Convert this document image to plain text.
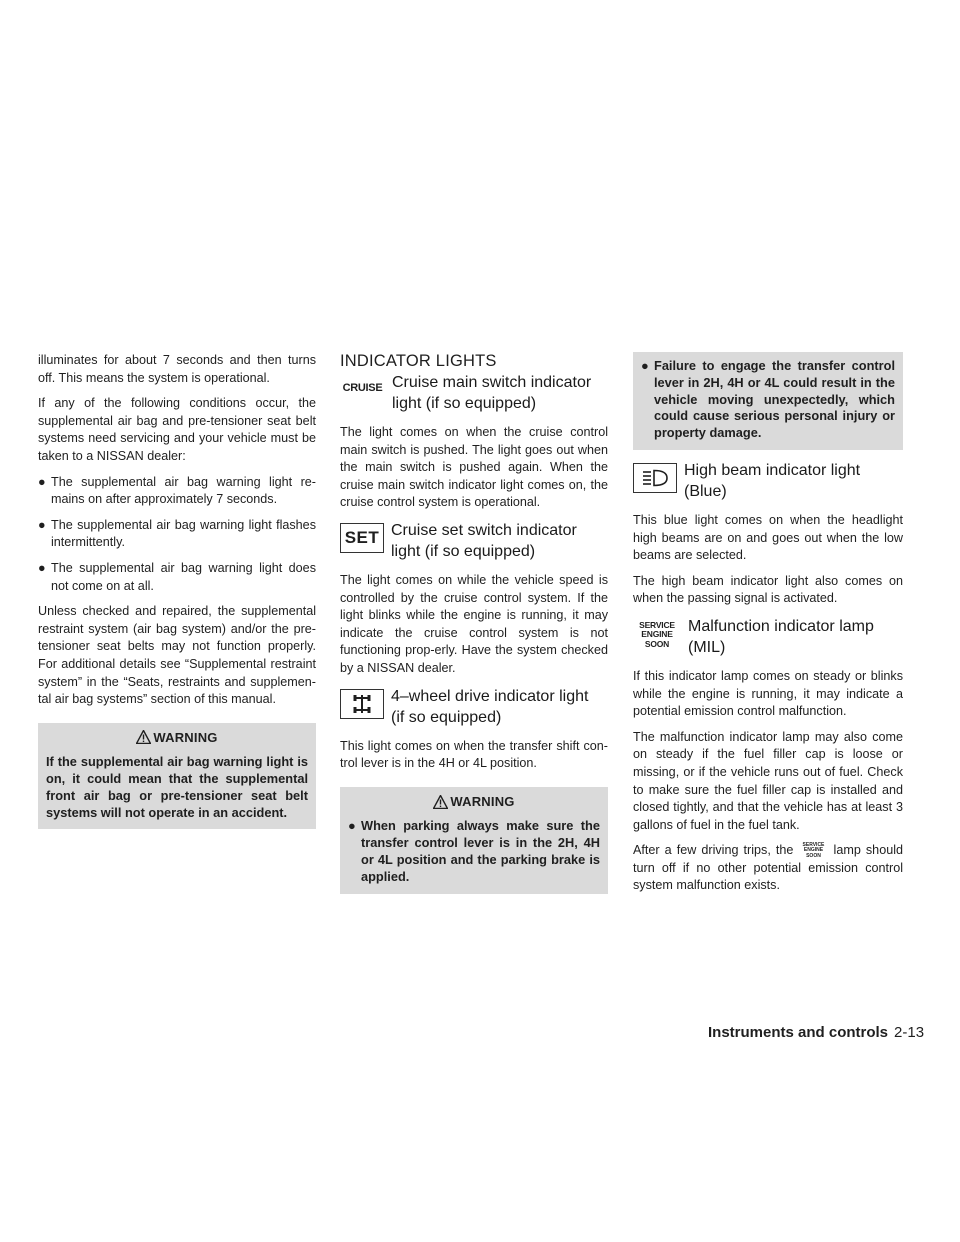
illuminates for about 7 seconds and then turns off. This means the system is operational.

If any of the following conditions occur, the supplemental air bag and pre-tensioner seat belt systems need servicing and your vehicle must be taken to a NISSAN dealer:

● The supplemental air bag warning light re-mains on after approximately 7 seconds.
● The supplemental air bag warning light flashes intermittently.
● The supplemental air bag warning light does not come on at all.

Unless checked and repaired, the supplemental restraint system (air bag system) and/or the pre-tensioner seat belts may not function properly. For additional details see “Supplemental restraint system” in the “Seats, restraints and supplemen-tal air bag systems” section of this manual.

WARNING

If the supplemental air bag warning light is on, it could mean that the supplemental front air bag or pre-tensioner seat belt systems will not operate in an accident.

INDICATOR LIGHTS
CRUISE Cruise main switch indicator light (if so equipped)

The light comes on when the cruise control main switch is pushed. The light goes out when the main switch is pushed again. When the cruise main switch indicator light comes on, the cruise control system is operational.

SET Cruise set switch indicator light (if so equipped)

The light comes on while the vehicle speed is controlled by the cruise control system. If the light blinks while the engine is running, it may indicate the cruise control system is not functioning prop-erly. Have the system checked by a NISSAN dealer.

4–wheel drive indicator light (if so equipped)

This light comes on when the transfer shift con-trol lever is in the 4H or 4L position.

WARNING
● When parking always make sure the transfer control lever is in the 2H, 4H or 4L position and the parking brake is applied.
● Failure to engage the transfer control lever in 2H, 4H or 4L could result in the vehicle moving unexpectedly, which could cause serious personal injury or property damage.
High beam indicator light (Blue)

This blue light comes on when the headlight high beams are on and goes out when the low beams are selected.

The high beam indicator light also comes on when the passing signal is activated.

SERVICE ENGINE SOON
Malfunction indicator lamp (MIL)

If this indicator lamp comes on steady or blinks while the engine is running, it may indicate a potential emission control malfunction.

The malfunction indicator lamp may also come on steady if the fuel filler cap is loose or missing, or if the vehicle runs out of fuel. Check to make sure the fuel filler cap is installed and closed tightly, and that the vehicle has at least 3 gallons of fuel in the fuel tank.

After a few driving trips, the SERVICE ENGINE SOON lamp should turn off if no other potential emission control system malfunction exists.

Instruments and controls 2-13
